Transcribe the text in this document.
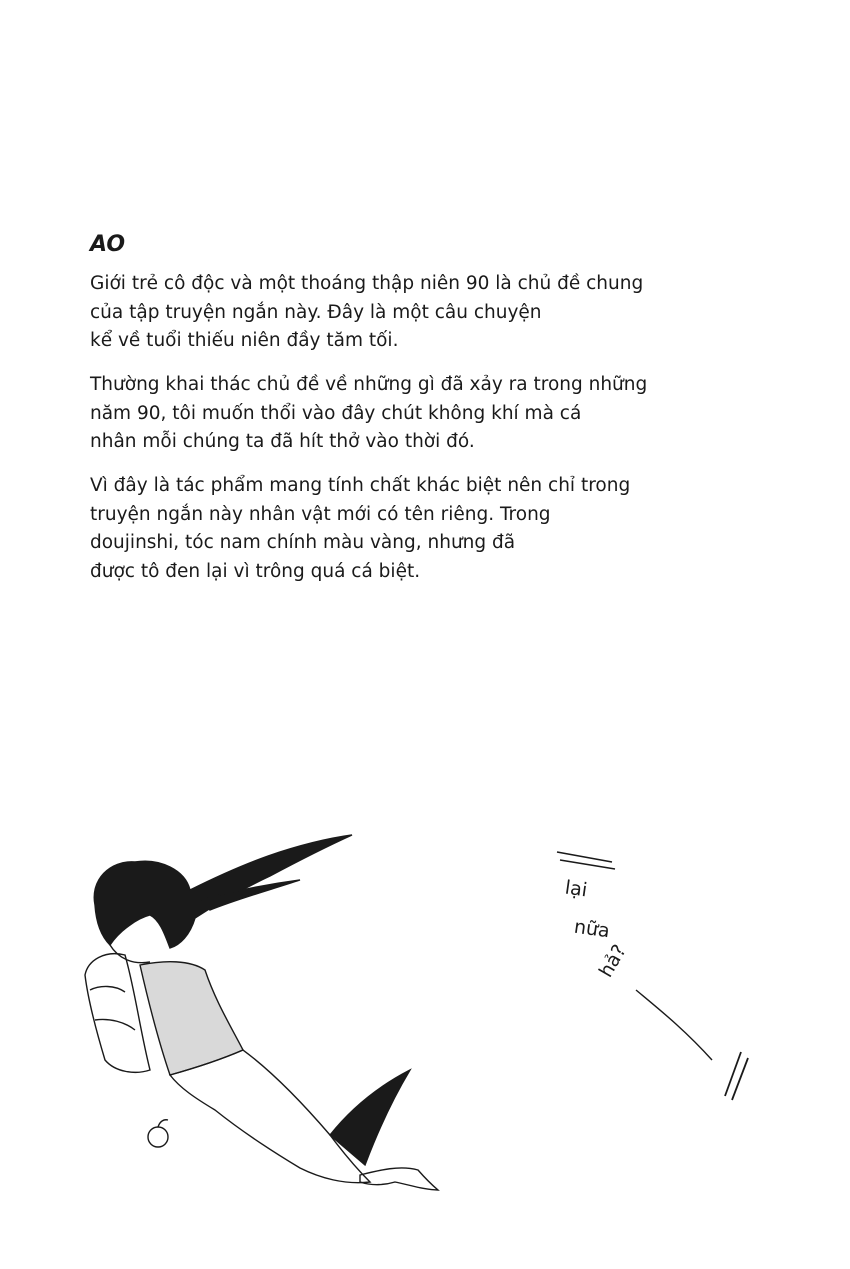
AO

Giới trẻ cô độc và một thoáng thập niên 90 là chủ đề chung
của tập truyện ngắn này. Đây là một câu chuyện
kể về tuổi thiếu niên đầy tăm tối.

Thường khai thác chủ đề về những gì đã xảy ra trong những
năm 90, tôi muốn thổi vào đây chút không khí mà cá
nhân mỗi chúng ta đã hít thở vào thời đó.

Vì đây là tác phẩm mang tính chất khác biệt nên chỉ trong
truyện ngắn này nhân vật mới có tên riêng. Trong
doujinshi, tóc nam chính màu vàng, nhưng đã
được tô đen lại vì trông quá cá biệt.

lại
nữa
hả?
